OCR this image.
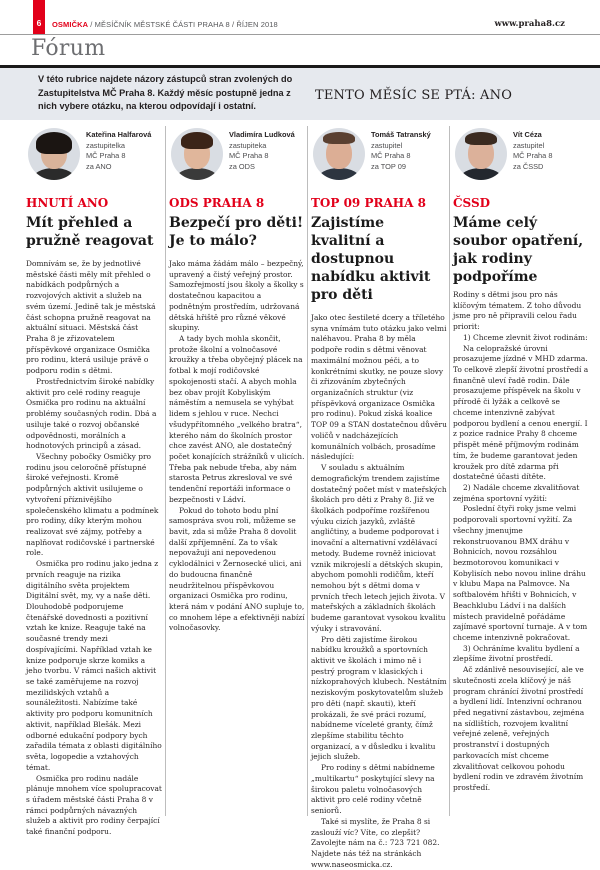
6	OSMIČKA / MĚSÍČNÍK MĚSTSKÉ ČÁSTI PRAHA 8 / ŘÍJEN 2018	www.praha8.cz
Fórum
V této rubrice najdete názory zástupců stran zvolených do Zastupitelstva MČ Praha 8. Každý měsíc postupně jedna z nich vybere otázku, na kterou odpovídají i ostatní.
TENTO MĚSÍC SE PTÁ: ANO
Kateřina Halfarová
zastupitelka
MČ Praha 8
za ANO
HNUTÍ ANO
Mít přehled a pružně reagovat

Domnívám se, že by jednotlivé městské části měly mít přehled o nabídkách podpůrných a rozvojových aktivit a služeb na svém území. Jedině tak je městská část schopna pružně reagovat na aktuální situaci. Městská část Praha 8 je zřizovatelem příspěvkové organizace Osmička pro rodinu, která usiluje právě o podporu rodin s dětmi.

Prostřednictvím široké nabídky aktivit pro celé rodiny reaguje Osmička pro rodinu na aktuální problémy současných rodin. Dbá a usiluje také o rozvoj občanské odpovědnosti, morálních a hodnotových principů a zásad.

Všechny pobočky Osmičky pro rodinu jsou celoročně přístupné široké veřejnosti. Kromě podpůrných aktivit usilujeme o vytvoření příznivějšího společenského klimatu a podmínek pro rodiny, díky kterým mohou realizovat své zájmy, potřeby a naplňovat rodičovské i partnerské role.

Osmička pro rodinu jako jedna z prvních reaguje na rizika digitálního světa projektem Digitální svět, my, vy a naše děti. Dlouhodobě podporujeme čtenářské dovednosti a pozitivní vztah ke knize. Reaguje také na současné trendy mezi dospívajícími. Například vztah ke knize podporuje skrze komiks a jeho tvorbu. V rámci našich aktivit se také zaměřujeme na rozvoj mezilidských vztahů a sounáležitosti. Nabízíme také aktivity pro podporu komunitních aktivit, například Blešák. Mezi odborné edukační podpory bych zařadila témata z oblasti digitálního světa, logopedie a vztahových témat.

Osmička pro rodinu nadále plánuje mnohem více spolupracovat s úřadem městské části Praha 8 v rámci podpůrných návazných služeb a aktivit pro rodiny čerpající také finanční podporu.

Vladimíra Ludková
zastupiteka
MČ Praha 8
za ODS
ODS PRAHA 8
Bezpečí pro děti! Je to málo?

Jako máma žádám málo – bezpečný, upravený a čistý veřejný prostor. Samozřejmostí jsou školy a školky s dostatečnou kapacitou a podnětným prostředím, udržovaná dětská hřiště pro různé věkové skupiny.

A tady bych mohla skončit, protože školní a volnočasové kroužky a třeba obyčejný plácek na fotbal k mojí rodičovské spokojenosti stačí. A abych mohla bez obav projít Kobyliským náměstím a nemusela se vyhýbat lidem s jehlou v ruce. Nechci všudypřítomného „velkého bratra“, kterého nám do školních prostor chce zavést ANO, ale dostatečný počet konajících strážníků v ulicích. Třeba pak nebude třeba, aby nám starosta Petrus zkresloval ve své tendenční reportáži informace o bezpečnosti v Ládví.

Pokud do tohoto bodu plní samospráva svou roli, můžeme se bavit, zda si může Praha 8 dovolit další zpříjemnění. Za to však nepovažuji ani nepovedenou cyklodálnici v Žernosecké ulici, ani do budoucna finančně neudržitelnou příspěvkovou organizaci Osmička pro rodinu, která nám v podání ANO supluje to, co mnohem lépe a efektivněji nabízí volnočasovky.

Tomáš Tatranský
zastupitel
MČ Praha 8
za TOP 09
TOP 09 PRAHA 8
Zajistíme kvalitní a dostupnou nabídku aktivit pro děti

Jako otec šestileté dcery a tříletého syna vnímám tuto otázku jako velmi naléhavou. Praha 8 by měla podpoře rodin s dětmi věnovat maximální možnou péči, a to konkrétními skutky, ne pouze slovy či zřizováním zbytečných organizačních struktur (viz příspěvková organizace Osmička pro rodinu). Pokud získá koalice TOP 09 a STAN dostatečnou důvěru voličů v nadcházejících komunálních volbách, prosadíme následující:

V souladu s aktuálním demografickým trendem zajistíme dostatečný počet míst v mateřských školách pro děti z Prahy 8. Již ve školkách podpoříme rozšířenou výuku cizích jazyků, zvláště angličtiny, a budeme podporovat i inovační a alternativní vzdělávací metody. Budeme rovněž iniciovat vznik mikrojeslí a dětských skupin, abychom pomohli rodičům, kteří nemohou být s dětmi doma v prvních třech letech jejich života. V mateřských a základních školách budeme garantovat vysokou kvalitu výuky i stravování.

Pro děti zajistíme širokou nabídku kroužků a sportovních aktivit ve školách i mimo ně i pestrý program v klasických i nízkoprahových klubech. Nestátním neziskovým poskytovatelům služeb pro děti (např. skauti), kteří prokázali, že své práci rozumí, nabídneme víceleté granty, čímž zlepšíme stabilitu těchto organizací, a v důsledku i kvalitu jejich služeb.

Pro rodiny s dětmi nabídneme „multikartu“ poskytující slevy na širokou paletu volnočasových aktivit pro celé rodiny včetně seniorů.

Také si myslíte, že Praha 8 si zaslouží víc? Víte, co zlepšit? Zavolejte nám na č.: 723 721 082. Najdete nás též na stránkách www.naseosmicka.cz.

Vít Céza
zastupitel
MČ Praha 8
za ČSSD
ČSSD
Máme celý soubor opatření, jak rodiny podpoříme

Rodiny s dětmi jsou pro nás klíčovým tématem. Z toho důvodu jsme pro ně připravili celou řadu priorit:

1) Chceme zlevnit život rodinám:

Na celopražské úrovni prosazujeme jízdné v MHD zdarma. To celkově zlepší životní prostředí a finančně uleví řadě rodin. Dále prosazujeme příspěvek na školu v přírodě či lyžák a celkově se chceme intenzivně zabývat podporou bydlení a cenou energií. I z pozice radnice Prahy 8 chceme přispět méně příjmovým rodinám tím, že budeme garantovat jeden kroužek pro dítě zdarma při dostatečné účasti dítěte.

2) Nadále chceme zkvalitňovat zejména sportovní vyžití:

Poslední čtyři roky jsme velmi podporovali sportovní vyžití. Za všechny jmenujme rekonstruovanou BMX dráhu v Bohnicích, novou rozsáhlou bezmotorovou komunikaci v Kobylisích nebo novou inline dráhu v klubu Mapa na Palmovce. Na softbalovém hřišti v Bohnicích, v Beachklubu Ládví i na dalších místech pravidelně pořádáme zajímavé sportovní turnaje. A v tom chceme intenzivně pokračovat.

3) Ochráníme kvalitu bydlení a zlepšíme životní prostředí.

Ač zdánlivě nesouvisející, ale ve skutečnosti zcela klíčový je náš program chránící životní prostředí a bydlení lidí. Intenzivní ochranou před negativní zástavbou, zejména na sídlištích, rozvojem kvalitní veřejné zeleně, veřejných prostranství i dostupných parkovacích míst chceme zkvalitňovat celkovou pohodu bydlení rodin ve zdravém životním prostředí.
